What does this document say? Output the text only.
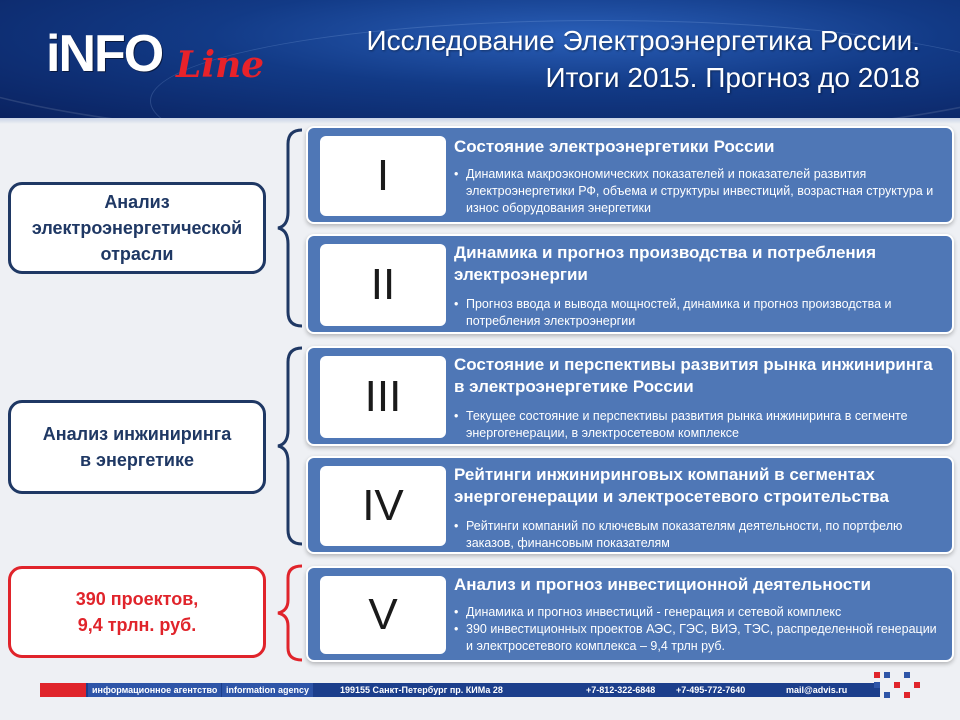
iNFO Line
Исследование Электроэнергетика России.
Итоги 2015. Прогноз до 2018
Анализ
электроэнергетической
отрасли
Анализ инжиниринга
в энергетике
390 проектов,
9,4 трлн. руб.
I
Состояние электроэнергетики России
• Динамика макроэкономических показателей и показателей развития электроэнергетики РФ, объема и структуры инвестиций, возрастная структура и износ оборудования энергетики
II
Динамика и прогноз производства и потребления электроэнергии
• Прогноз ввода и вывода мощностей, динамика и прогноз производства и потребления электроэнергии
III
Состояние и перспективы развития рынка инжиниринга в электроэнергетике России
• Текущее состояние и перспективы развития рынка инжиниринга в сегменте энергогенерации, в электросетевом комплексе
IV
Рейтинги инжиниринговых компаний в сегментах энергогенерации и электросетевого строительства
• Рейтинги компаний по ключевым показателям деятельности, по портфелю заказов, финансовым показателям
V
Анализ и прогноз инвестиционной деятельности
• Динамика и прогноз инвестиций - генерация и сетевой комплекс
• 390 инвестиционных проектов АЭС, ГЭС, ВИЭ, ТЭС, распределенной генерации и электросетевого комплекса – 9,4 трлн руб.
информационное агентство information agency	199155 Санкт-Петербург пр. КИМа 28	+7-812-322-6848 +7-495-772-7640	mail@advis.ru
